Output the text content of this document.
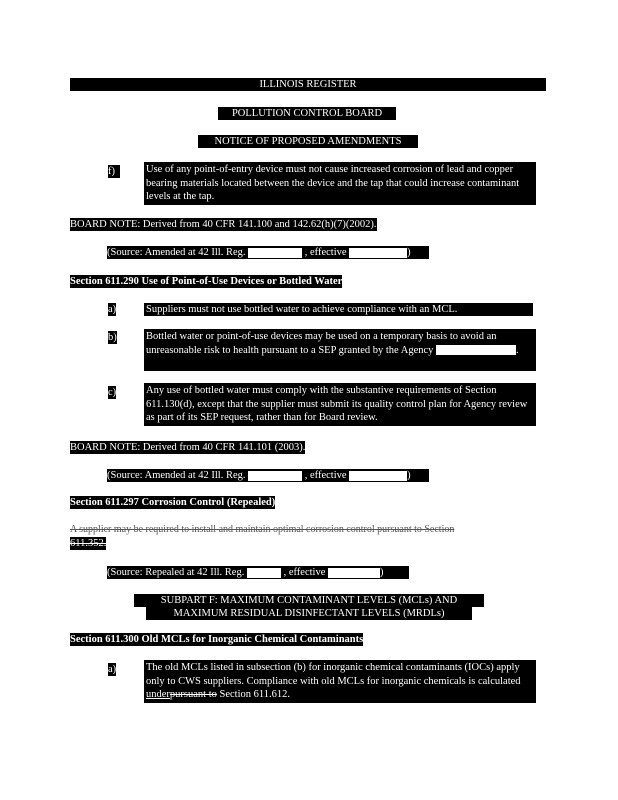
ILLINOIS REGISTER
POLLUTION CONTROL BOARD
NOTICE OF PROPOSED AMENDMENTS
f)	Use of any point-of-entry device must not cause increased corrosion of lead and copper bearing materials located between the device and the tap that could increase contaminant levels at the tap.
BOARD NOTE: Derived from 40 CFR 141.100 and 142.62(h)(7)(2002).
(Source: Amended at 42 Ill. Reg.	, effective	)
Section 611.290 Use of Point-of-Use Devices or Bottled Water
a)	Suppliers must not use bottled water to achieve compliance with an MCL.
b)	Bottled water or point-of-use devices may be used on a temporary basis to avoid an unreasonable risk to health pursuant to a SEP granted by the Agency	.
c)	Any use of bottled water must comply with the substantive requirements of Section 611.130(d), except that the supplier must submit its quality control plan for Agency review as part of its SEP request, rather than for Board review.
BOARD NOTE: Derived from 40 CFR 141.101 (2003).
(Source: Amended at 42 Ill. Reg.	, effective	)
Section 611.297 Corrosion Control (Repealed)
A supplier may be required to install and maintain optimal corrosion control pursuant to Section
611.352.
(Source: Repealed at 42 Ill. Reg.	, effective	)
SUBPART F: MAXIMUM CONTAMINANT LEVELS (MCLs) AND
MAXIMUM RESIDUAL DISINFECTANT LEVELS (MRDLs)
Section 611.300 Old MCLs for Inorganic Chemical Contaminants
a)	The old MCLs listed in subsection (b) for inorganic chemical contaminants (IOCs) apply only to CWS suppliers. Compliance with old MCLs for inorganic chemicals is calculated underpursuant to Section 611.612.
